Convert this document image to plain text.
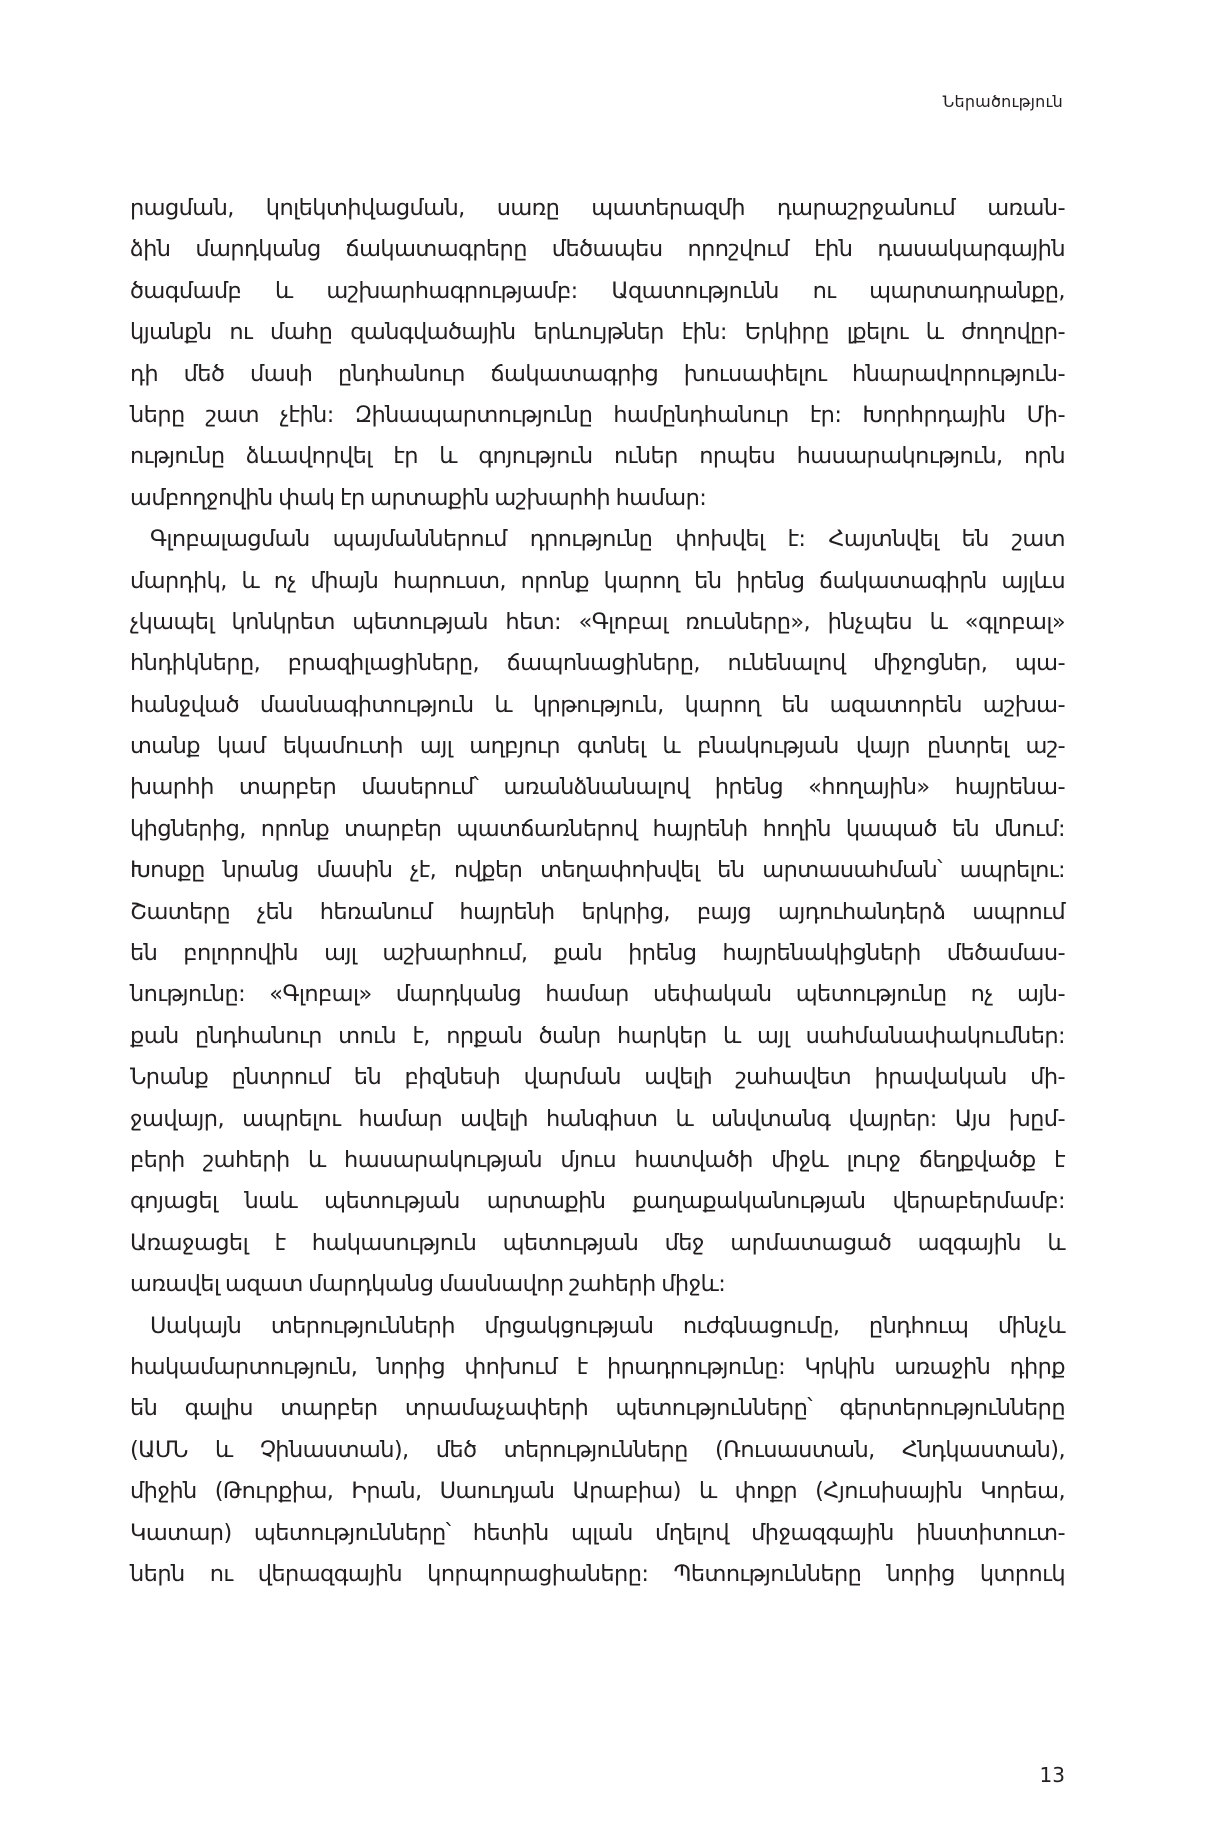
Ներածություն
րացման, կոլեկտիվացման, սառը պատերազմի դարաշրջանում առան-
ձին մարդկանց ճակատագրերը մեծապես որոշվում էին դասակարգային
ծագմամբ և աշխարհագրությամբ: Ազատությունն ու պարտադրանքը,
կյանքն ու մահը զանգվածային երևույթներ էին: Երկիրը լքելու և ժողովըր-
դի մեծ մասի ընդհանուր ճակատագրից խուսափելու հնարավորություն-
ները շատ չէին: Զինապարտությունը համընդհանուր էր: Խորհրդային Մի-
ությունը ձևավորվել էր և գոյություն ուներ որպես հասարակություն, որն
ամբողջովին փակ էր արտաքին աշխարհի համար:
Գլոբալացման պայմաններում դրությունը փոխվել է: Հայտնվել են շատ
մարդիկ, և ոչ միայն հարուստ, որոնք կարող են իրենց ճակատագիրն այլևս
չկապել կոնկրետ պետության հետ: «Գլոբալ ռուսները», ինչպես և «գլոբալ»
հնդիկները, բրազիլացիները, ճապոնացիները, ունենալով միջոցներ, պա-
հանջված մասնագիտություն և կրթություն, կարող են ազատորեն աշխա-
տանք կամ եկամուտի այլ աղբյուր գտնել և բնակության վայր ընտրել աշ-
խարհի տարբեր մասերում՝ առանձնանալով իրենց «հողային» հայրենա-
կիցներից, որոնք տարբեր պատճառներով հայրենի հողին կապած են մնում:
Խոսքը նրանց մասին չէ, ովքեր տեղափոխվել են արտասահման՝ ապրելու:
Շատերը չեն հեռանում հայրենի երկրից, բայց այդուհանդերձ ապրում
են բոլորովին այլ աշխարհում, քան իրենց հայրենակիցների մեծամաս-
նությունը: «Գլոբալ» մարդկանց համար սեփական պետությունը ոչ այն-
քան ընդհանուր տուն է, որքան ծանր հարկեր և այլ սահմանափակումներ:
Նրանք ընտրում են բիզնեսի վարման ավելի շահավետ իրավական մի-
ջավայր, ապրելու համար ավելի հանգիստ և անվտանգ վայրեր: Այս խըմ-
բերի շահերի և հասարակության մյուս հատվածի միջև լուրջ ճեղքվածք է
գոյացել նաև պետության արտաքին քաղաքականության վերաբերմամբ:
Առաջացել է հակասություն պետության մեջ արմատացած ազգային և
առավել ազատ մարդկանց մասնավոր շահերի միջև:
Սակայն տերությունների մրցակցության ուժգնացումը, ընդհուպ մինչև
հակամարտություն, նորից փոխում է իրադրությունը: Կրկին առաջին դիրք
են գալիս տարբեր տրամաչափերի պետությունները՝ գերտերությունները
(ԱՄՆ և Չինաստան), մեծ տերությունները (Ռուսաստան, Հնդկաստան),
միջին (Թուրքիա, Իրան, Սաուդյան Արաբիա) և փոքր (Հյուսիսային Կորեա,
Կատար) պետությունները՝ հետին պլան մղելով միջազգային ինստիտուտ-
ներն ու վերազգային կորպորացիաները: Պետությունները նորից կտրուկ
13
